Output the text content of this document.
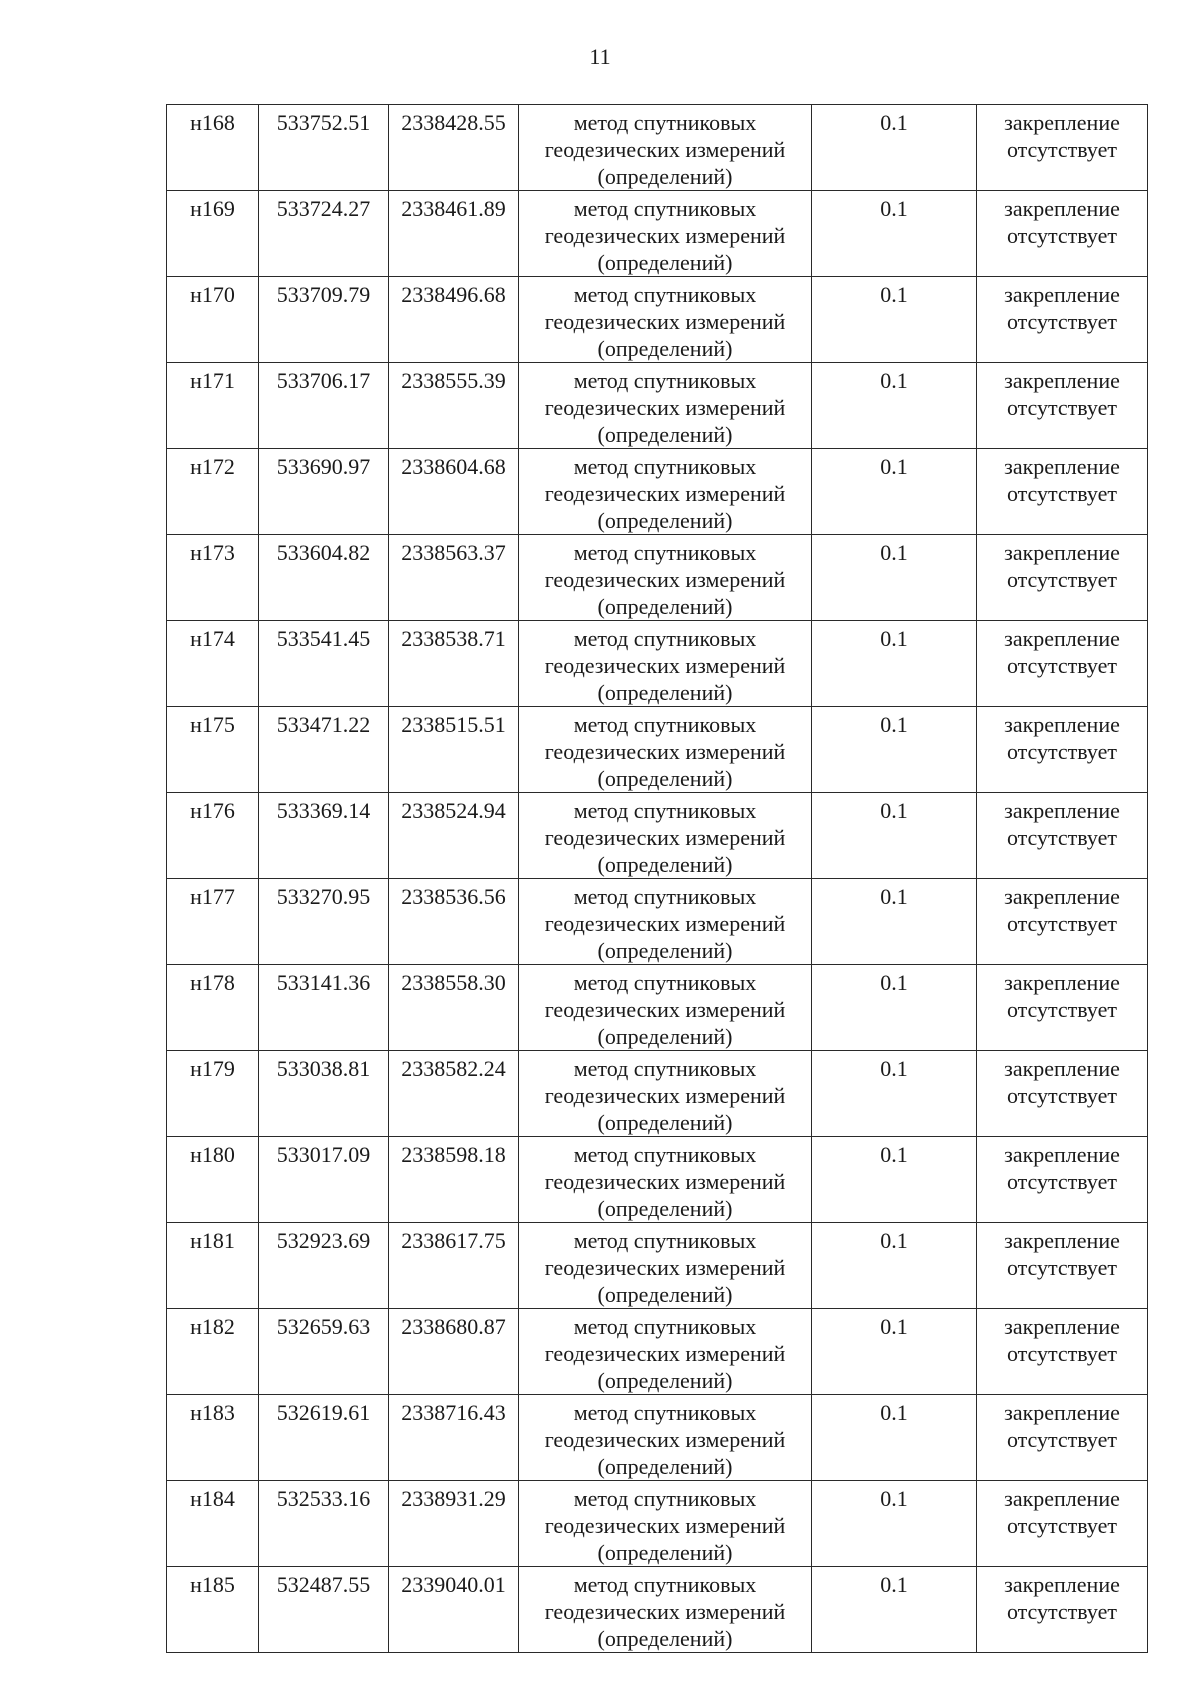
11
н168	533752.51	2338428.55	метод спутниковых геодезических измерений (определений)	0.1	закрепление отсутствует
н169	533724.27	2338461.89	метод спутниковых геодезических измерений (определений)	0.1	закрепление отсутствует
н170	533709.79	2338496.68	метод спутниковых геодезических измерений (определений)	0.1	закрепление отсутствует
н171	533706.17	2338555.39	метод спутниковых геодезических измерений (определений)	0.1	закрепление отсутствует
н172	533690.97	2338604.68	метод спутниковых геодезических измерений (определений)	0.1	закрепление отсутствует
н173	533604.82	2338563.37	метод спутниковых геодезических измерений (определений)	0.1	закрепление отсутствует
н174	533541.45	2338538.71	метод спутниковых геодезических измерений (определений)	0.1	закрепление отсутствует
н175	533471.22	2338515.51	метод спутниковых геодезических измерений (определений)	0.1	закрепление отсутствует
н176	533369.14	2338524.94	метод спутниковых геодезических измерений (определений)	0.1	закрепление отсутствует
н177	533270.95	2338536.56	метод спутниковых геодезических измерений (определений)	0.1	закрепление отсутствует
н178	533141.36	2338558.30	метод спутниковых геодезических измерений (определений)	0.1	закрепление отсутствует
н179	533038.81	2338582.24	метод спутниковых геодезических измерений (определений)	0.1	закрепление отсутствует
н180	533017.09	2338598.18	метод спутниковых геодезических измерений (определений)	0.1	закрепление отсутствует
н181	532923.69	2338617.75	метод спутниковых геодезических измерений (определений)	0.1	закрепление отсутствует
н182	532659.63	2338680.87	метод спутниковых геодезических измерений (определений)	0.1	закрепление отсутствует
н183	532619.61	2338716.43	метод спутниковых геодезических измерений (определений)	0.1	закрепление отсутствует
н184	532533.16	2338931.29	метод спутниковых геодезических измерений (определений)	0.1	закрепление отсутствует
н185	532487.55	2339040.01	метод спутниковых геодезических измерений (определений)	0.1	закрепление отсутствует
